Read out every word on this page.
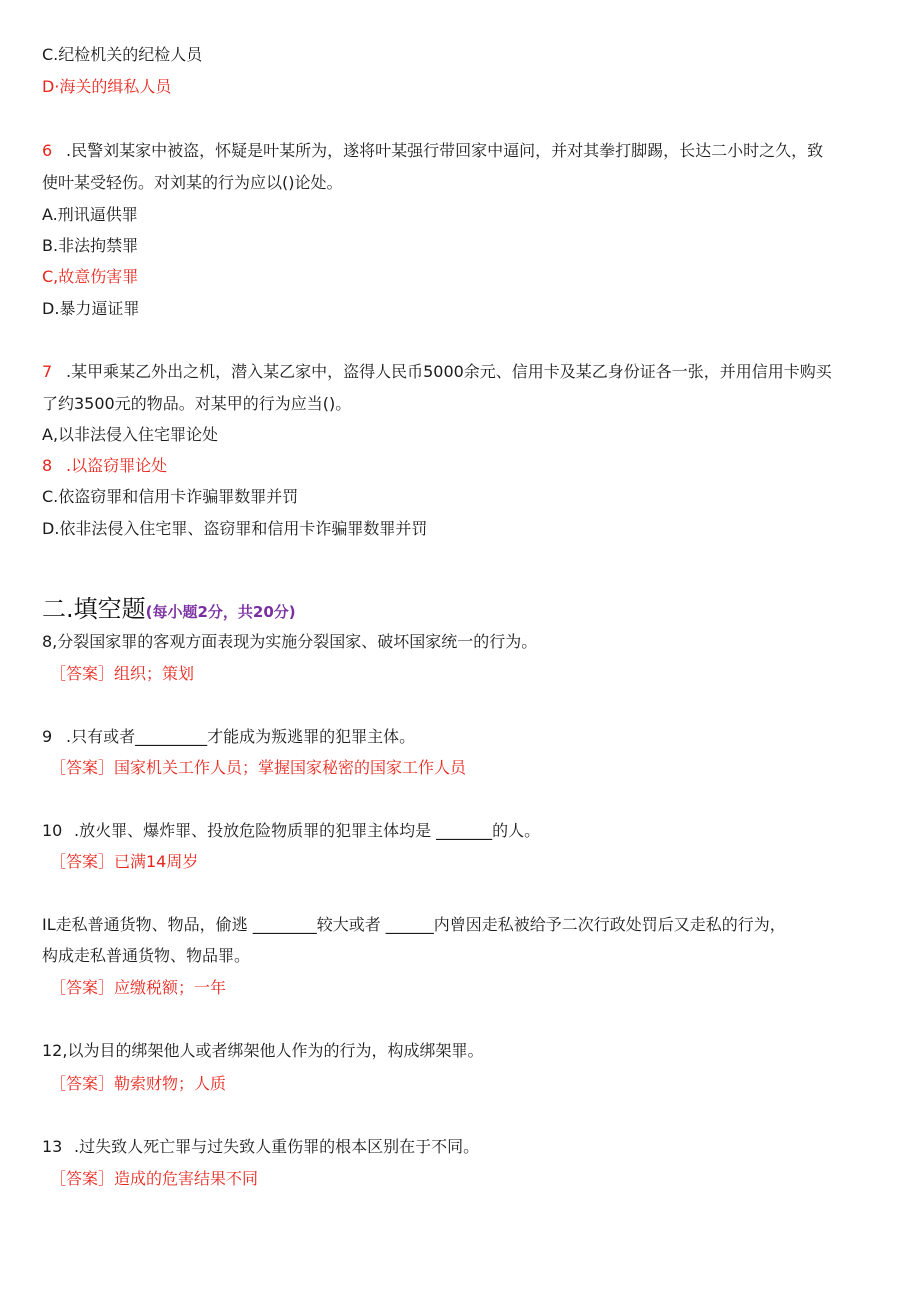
C.纪检机关的纪检人员
D·海关的缉私人员
6 .民警刘某家中被盗，怀疑是叶某所为，遂将叶某强行带回家中逼问，并对其拳打脚踢，长达二小时之久，致
使叶某受轻伤。对刘某的行为应以()论处。
A.刑讯逼供罪
B.非法拘禁罪
C,故意伤害罪
D.暴力逼证罪
7 .某甲乘某乙外出之机，潜入某乙家中，盗得人民币5000余元、信用卡及某乙身份证各一张，并用信用卡购买
了约3500元的物品。对某甲的行为应当()。
A,以非法侵入住宅罪论处
8 .以盗窃罪论处
C.依盗窃罪和信用卡诈骗罪数罪并罚
D.依非法侵入住宅罪、盗窃罪和信用卡诈骗罪数罪并罚
二.填空题(每小题2分，共20分)
8,分裂国家罪的客观方面表现为实施分裂国家、破坏国家统一的行为。
［答案］组织；策划
9 .只有或者_________才能成为叛逃罪的犯罪主体。
［答案］国家机关工作人员；掌握国家秘密的国家工作人员
10 .放火罪、爆炸罪、投放危险物质罪的犯罪主体均是 _______的人。
［答案］已满14周岁
IL走私普通货物、物品，偷逃 ________较大或者 ______内曾因走私被给予二次行政处罚后又走私的行为，
构成走私普通货物、物品罪。
［答案］应缴税额；一年
12,以为目的绑架他人或者绑架他人作为的行为，构成绑架罪。
［答案］勒索财物；人质
13 .过失致人死亡罪与过失致人重伤罪的根本区别在于不同。
［答案］造成的危害结果不同
